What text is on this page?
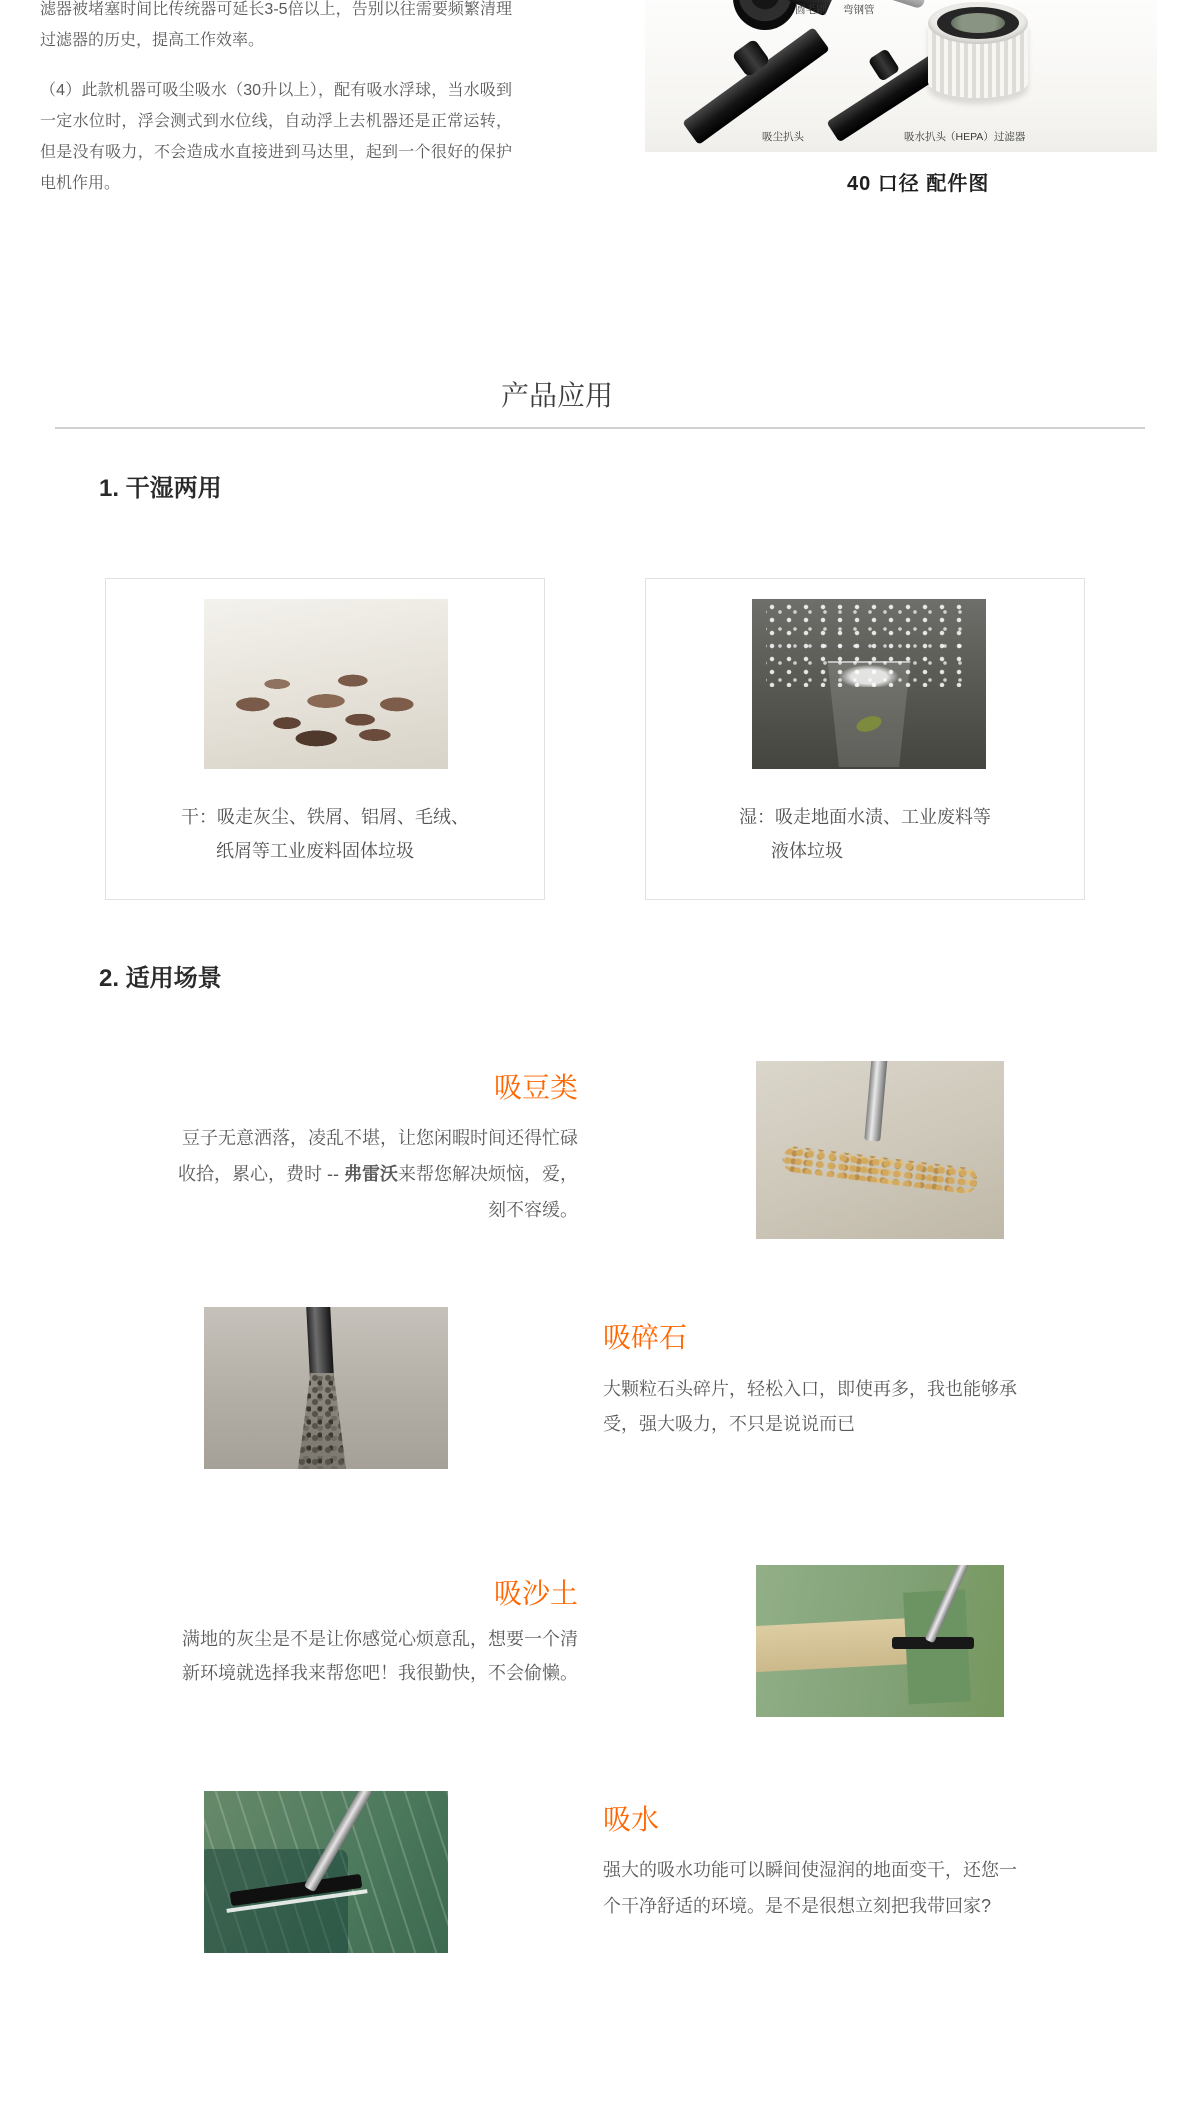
滤器被堵塞时间比传统器可延长3-5倍以上，告别以往需要频繁清理过滤器的历史，提高工作效率。
（4）此款机器可吸尘吸水（30升以上），配有吸水浮球，当水吸到一定水位时，浮会测式到水位线，自动浮上去机器还是正常运转，但是没有吸力，不会造成水直接进到马达里，起到一个很好的保护电机作用。
圆毛刷 弯钢管
吸尘扒头	吸水扒头 （HEPA）过滤器
40 口径 配件图
产品应用
1. 干湿两用
干：吸走灰尘、铁屑、铝屑、毛绒、
纸屑等工业废料固体垃圾
湿：吸走地面水渍、工业废料等
液体垃圾
2. 适用场景
吸豆类
豆子无意洒落，凌乱不堪，让您闲暇时间还得忙碌收拾，累心，费时 -- 弗雷沃来帮您解决烦恼，爱，刻不容缓。
吸碎石
大颗粒石头碎片，轻松入口，即使再多，我也能够承受，强大吸力，不只是说说而已
吸沙土
满地的灰尘是不是让你感觉心烦意乱，想要一个清新环境就选择我来帮您吧！我很勤快，不会偷懒。
吸水
强大的吸水功能可以瞬间使湿润的地面变干，还您一个干净舒适的环境。是不是很想立刻把我带回家?
